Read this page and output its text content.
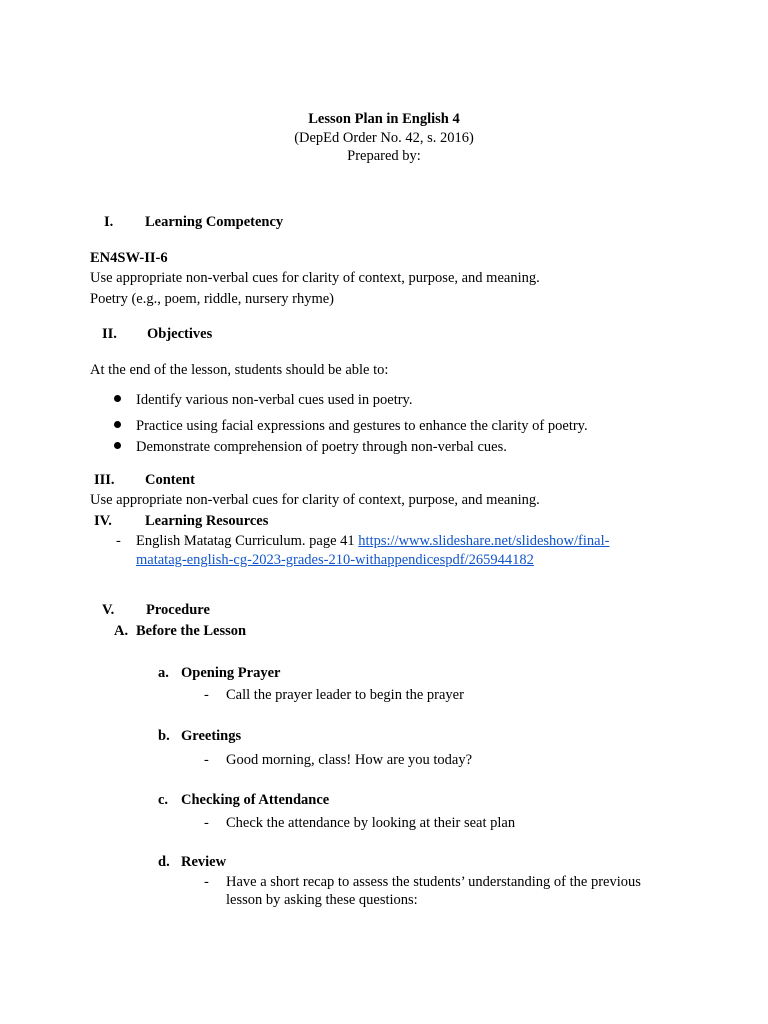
Lesson Plan in English 4
(DepEd Order No. 42, s. 2016)
Prepared by:
I. Learning Competency
EN4SW-II-6
Use appropriate non-verbal cues for clarity of context, purpose, and meaning.
Poetry (e.g., poem, riddle, nursery rhyme)
II. Objectives
At the end of the lesson, students should be able to:
Identify various non-verbal cues used in poetry.
Practice using facial expressions and gestures to enhance the clarity of poetry.
Demonstrate comprehension of poetry through non-verbal cues.
III. Content
Use appropriate non-verbal cues for clarity of context, purpose, and meaning.
IV. Learning Resources
- English Matatag Curriculum. page 41 https://www.slideshare.net/slideshow/final-
matatag-english-cg-2023-grades-210-withappendicespdf/265944182
V. Procedure
A. Before the Lesson
a. Opening Prayer
- Call the prayer leader to begin the prayer
b. Greetings
- Good morning, class! How are you today?
c. Checking of Attendance
- Check the attendance by looking at their seat plan
d. Review
- Have a short recap to assess the students’ understanding of the previous
lesson by asking these questions:
